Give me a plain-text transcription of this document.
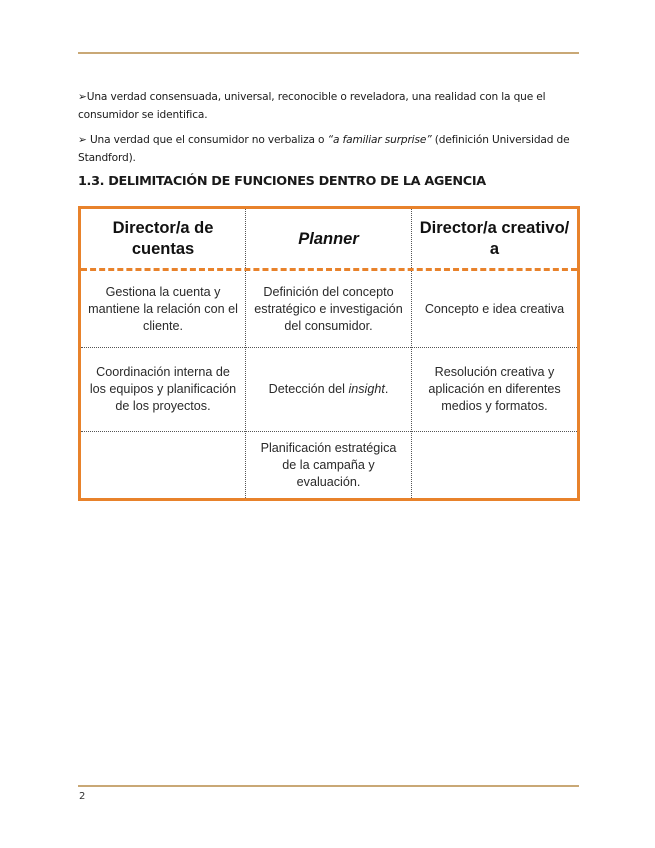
➢Una verdad consensuada, universal, reconocible o reveladora, una realidad con la que el consumidor se identifica.
➢ Una verdad que el consumidor no verbaliza o “a familiar surprise” (definición Universidad de Standford).
1.3. DELIMITACIÓN DE FUNCIONES DENTRO DE LA AGENCIA
Director/a de cuentas
Planner
Director/a creativo/ a
Gestiona la cuenta y mantiene la relación con el cliente.
Definición del concepto estratégico e investigación del consumidor.
Concepto e idea creativa
Coordinación interna de los equipos y planificación de los proyectos.
Detección del insight.
Resolución creativa y aplicación en diferentes medios y formatos.
Planificación estratégica de la campaña y evaluación.
2
